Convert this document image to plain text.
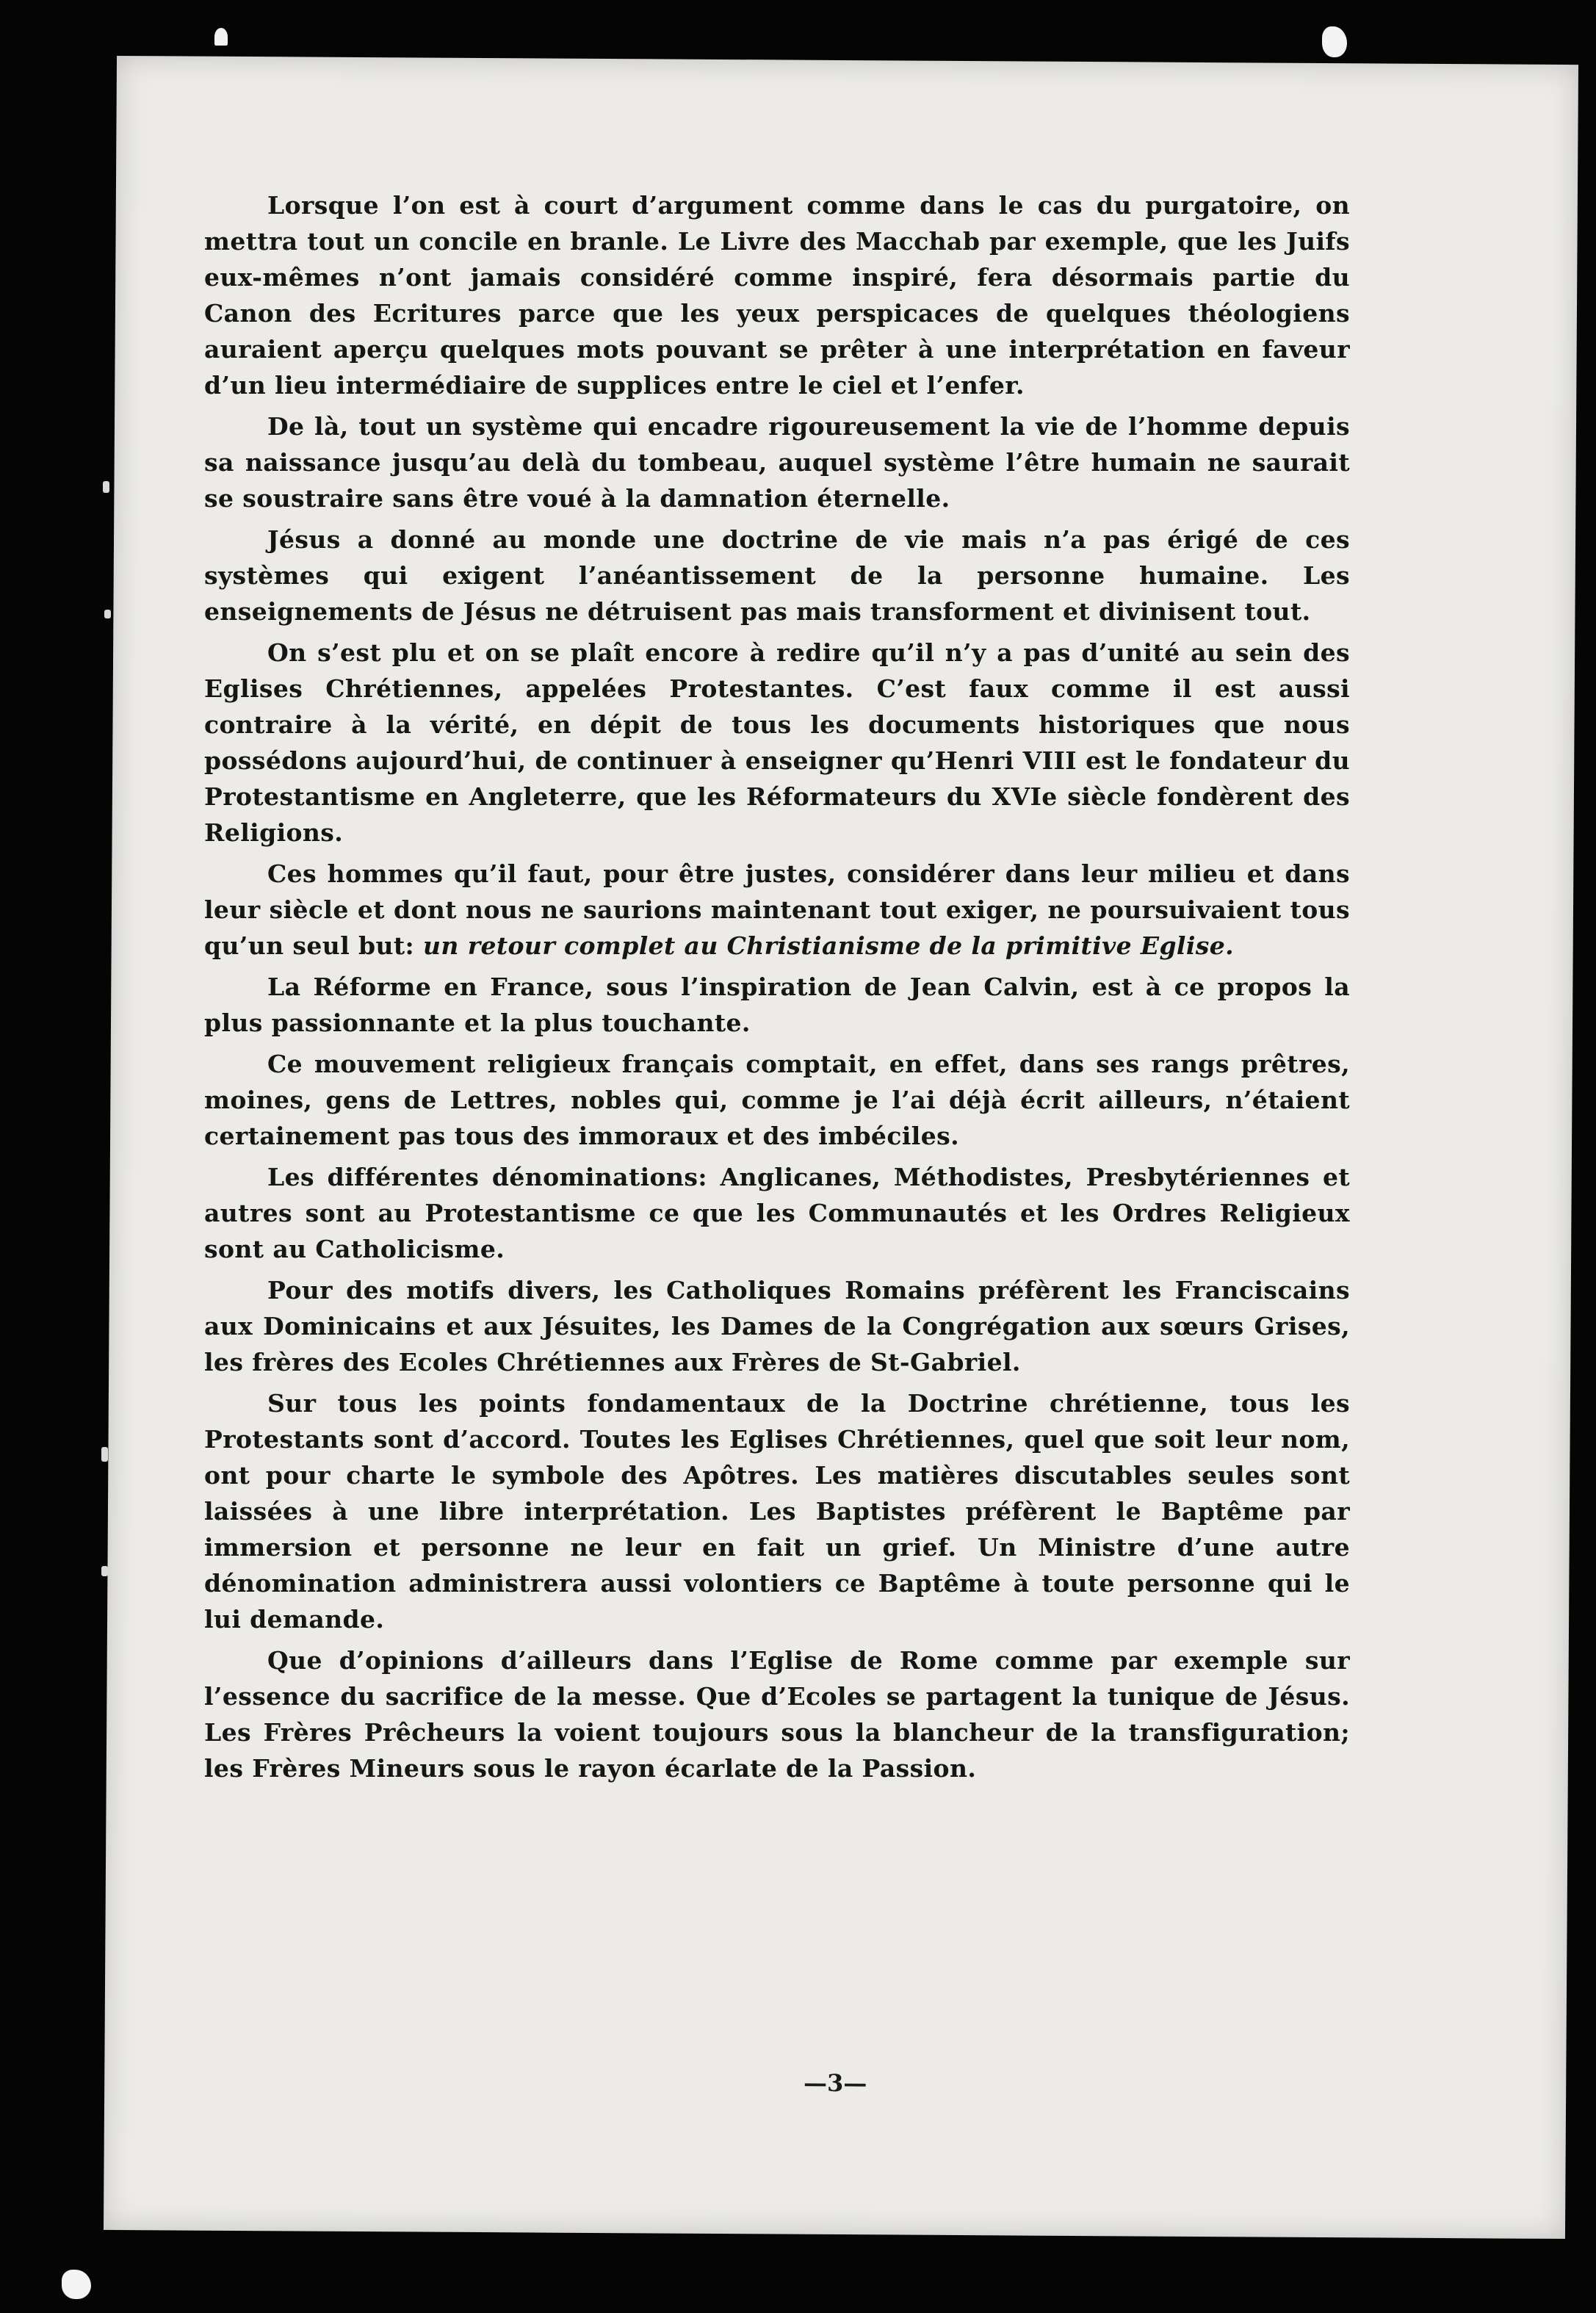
—3—

Lorsque l’on est à court d’argument comme dans le cas du purgatoire, on mettra tout un concile en branle. Le Livre des Macchab par exemple, que les Juifs eux-mêmes n’ont jamais considéré comme inspiré, fera désormais partie du Canon des Ecritures parce que les yeux perspicaces de quelques théologiens auraient aperçu quelques mots pouvant se prêter à une interprétation en faveur d’un lieu intermédiaire de supplices entre le ciel et l’enfer.

De là, tout un système qui encadre rigoureusement la vie de l’homme depuis sa naissance jusqu’au delà du tombeau, auquel système l’être humain ne saurait se soustraire sans être voué à la damnation éternelle.

Jésus a donné au monde une doctrine de vie mais n’a pas érigé de ces systèmes qui exigent l’anéantissement de la personne humaine. Les enseignements de Jésus ne détruisent pas mais transforment et divinisent tout.

On s’est plu et on se plaît encore à redire qu’il n’y a pas d’unité au sein des Eglises Chrétiennes, appelées Protestantes. C’est faux comme il est aussi contraire à la vérité, en dépit de tous les documents historiques que nous possédons aujourd’hui, de continuer à enseigner qu’Henri VIII est le fondateur du Protestantisme en Angleterre, que les Réformateurs du XVIe siècle fondèrent des Religions.

Ces hommes qu’il faut, pour être justes, considérer dans leur milieu et dans leur siècle et dont nous ne saurions maintenant tout exiger, ne poursuivaient tous qu’un seul but: un retour complet au Christianisme de la primitive Eglise.

La Réforme en France, sous l’inspiration de Jean Calvin, est à ce propos la plus passionnante et la plus touchante.

Ce mouvement religieux français comptait, en effet, dans ses rangs prêtres, moines, gens de Lettres, nobles qui, comme je l’ai déjà écrit ailleurs, n’étaient certainement pas tous des immoraux et des imbéciles.

Les différentes dénominations: Anglicanes, Méthodistes, Presbytériennes et autres sont au Protestantisme ce que les Communautés et les Ordres Religieux sont au Catholicisme.

Pour des motifs divers, les Catholiques Romains préfèrent les Franciscains aux Dominicains et aux Jésuites, les Dames de la Congrégation aux sœurs Grises, les frères des Ecoles Chrétiennes aux Frères de St-Gabriel.

Sur tous les points fondamentaux de la Doctrine chrétienne, tous les Protestants sont d’accord. Toutes les Eglises Chrétiennes, quel que soit leur nom, ont pour charte le symbole des Apôtres. Les matières discutables seules sont laissées à une libre interprétation. Les Baptistes préfèrent le Baptême par immersion et personne ne leur en fait un grief. Un Ministre d’une autre dénomination administrera aussi volontiers ce Baptême à toute personne qui le lui demande.

Que d’opinions d’ailleurs dans l’Eglise de Rome comme par exemple sur l’essence du sacrifice de la messe. Que d’Ecoles se partagent la tunique de Jésus. Les Frères Prêcheurs la voient toujours sous la blancheur de la transfiguration; les Frères Mineurs sous le rayon écarlate de la Passion.
